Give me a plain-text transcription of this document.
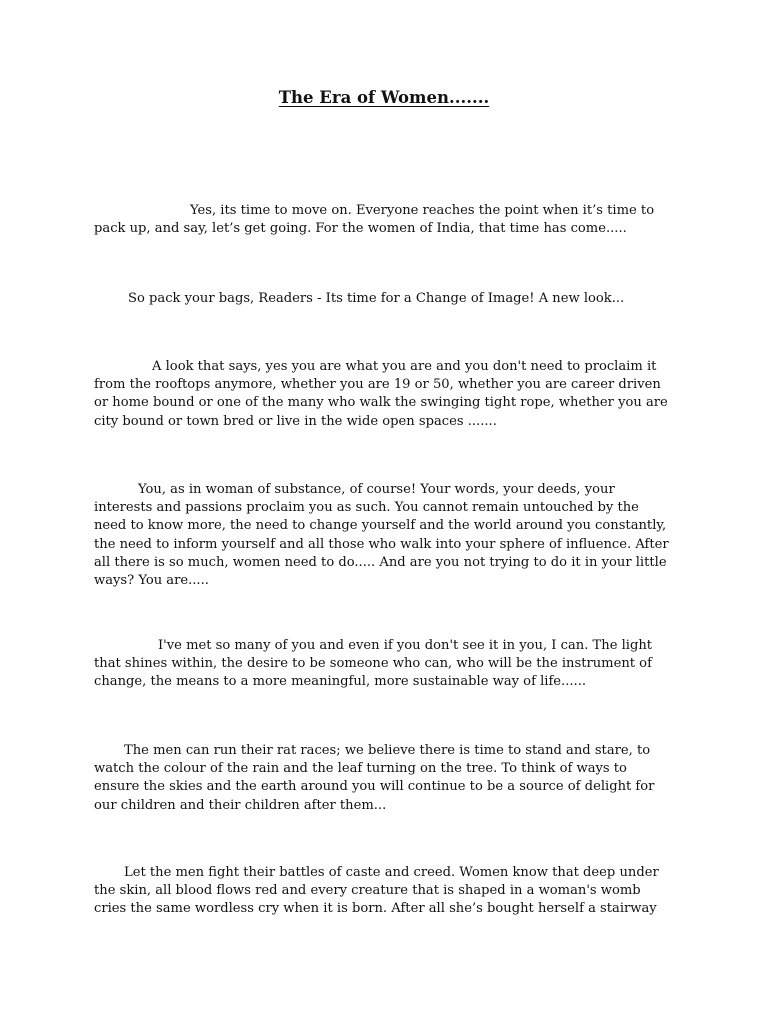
The Era of Women.......

Yes, its time to move on. Everyone reaches the point when it’s time to pack up, and say, let’s get going. For the women of India, that time has come.....

So pack your bags, Readers - Its time for a Change of Image! A new look...

A look that says, yes you are what you are and you don't need to proclaim it from the rooftops anymore, whether you are 19 or 50, whether you are career driven or home bound or one of the many who walk the swinging tight rope, whether you are city bound or town bred or live in the wide open spaces .......

You, as in woman of substance, of course! Your words, your deeds, your interests and passions proclaim you as such. You cannot remain untouched by the need to know more, the need to change yourself and the world around you constantly, the need to inform yourself and all those who walk into your sphere of influence. After all there is so much, women need to do..... And are you not trying to do it in your little ways? You are.....

I've met so many of you and even if you don't see it in you, I can. The light that shines within, the desire to be someone who can, who will be the instrument of change, the means to a more meaningful, more sustainable way of life......

The men can run their rat races; we believe there is time to stand and stare, to watch the colour of the rain and the leaf turning on the tree. To think of ways to ensure the skies and the earth around you will continue to be a source of delight for our children and their children after them...

Let the men fight their battles of caste and creed. Women know that deep under the skin, all blood flows red and every creature that is shaped in a woman's womb cries the same wordless cry when it is born. After all she’s bought herself a stairway
